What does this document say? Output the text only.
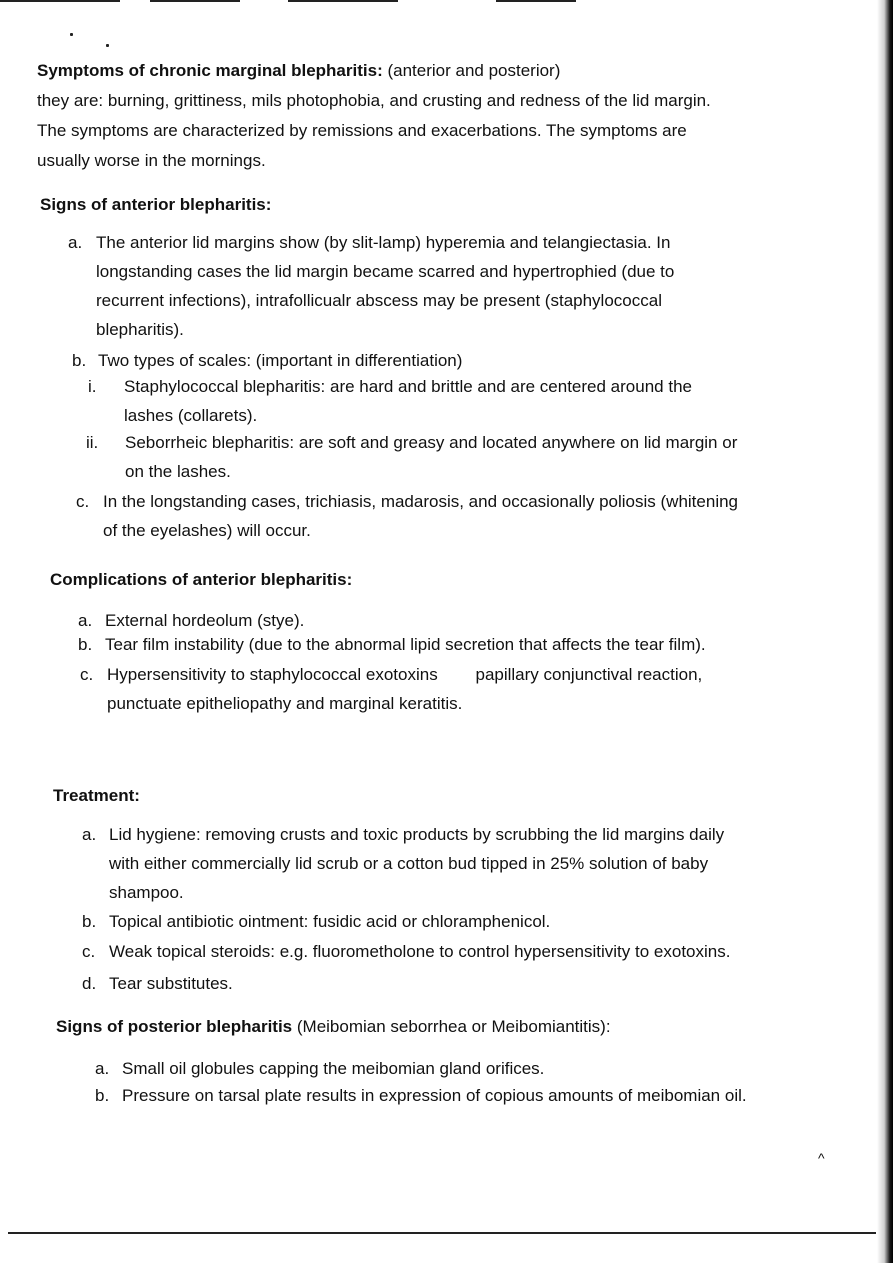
Symptoms of chronic marginal blepharitis: (anterior and posterior)
they are: burning, grittiness, mils photophobia, and crusting and redness of the lid margin.
The symptoms are characterized by remissions and exacerbations. The symptoms are
usually worse in the mornings.
Signs of anterior blepharitis:
a. The anterior lid margins show (by slit-lamp) hyperemia and telangiectasia. In
longstanding cases the lid margin became scarred and hypertrophied (due to
recurrent infections), intrafollicualr abscess may be present (staphylococcal
blepharitis).
b. Two types of scales: (important in differentiation)
i. Staphylococcal blepharitis: are hard and brittle and are centered around the
lashes (collarets).
ii. Seborrheic blepharitis: are soft and greasy and located anywhere on lid margin or
on the lashes.
c. In the longstanding cases, trichiasis, madarosis, and occasionally poliosis (whitening
of the eyelashes) will occur.
Complications of anterior blepharitis:
a. External hordeolum (stye).
b. Tear film instability (due to the abnormal lipid secretion that affects the tear film).
c. Hypersensitivity to staphylococcal exotoxins        papillary conjunctival reaction,
punctuate epitheliopathy and marginal keratitis.
Treatment:
a. Lid hygiene: removing crusts and toxic products by scrubbing the lid margins daily
with either commercially lid scrub or a cotton bud tipped in 25% solution of baby
shampoo.
b. Topical antibiotic ointment: fusidic acid or chloramphenicol.
c. Weak topical steroids: e.g. fluorometholone to control hypersensitivity to exotoxins.
d. Tear substitutes.
Signs of posterior blepharitis (Meibomian seborrhea or Meibomiantitis):
a. Small oil globules capping the meibomian gland orifices.
b. Pressure on tarsal plate results in expression of copious amounts of meibomian oil.
^
